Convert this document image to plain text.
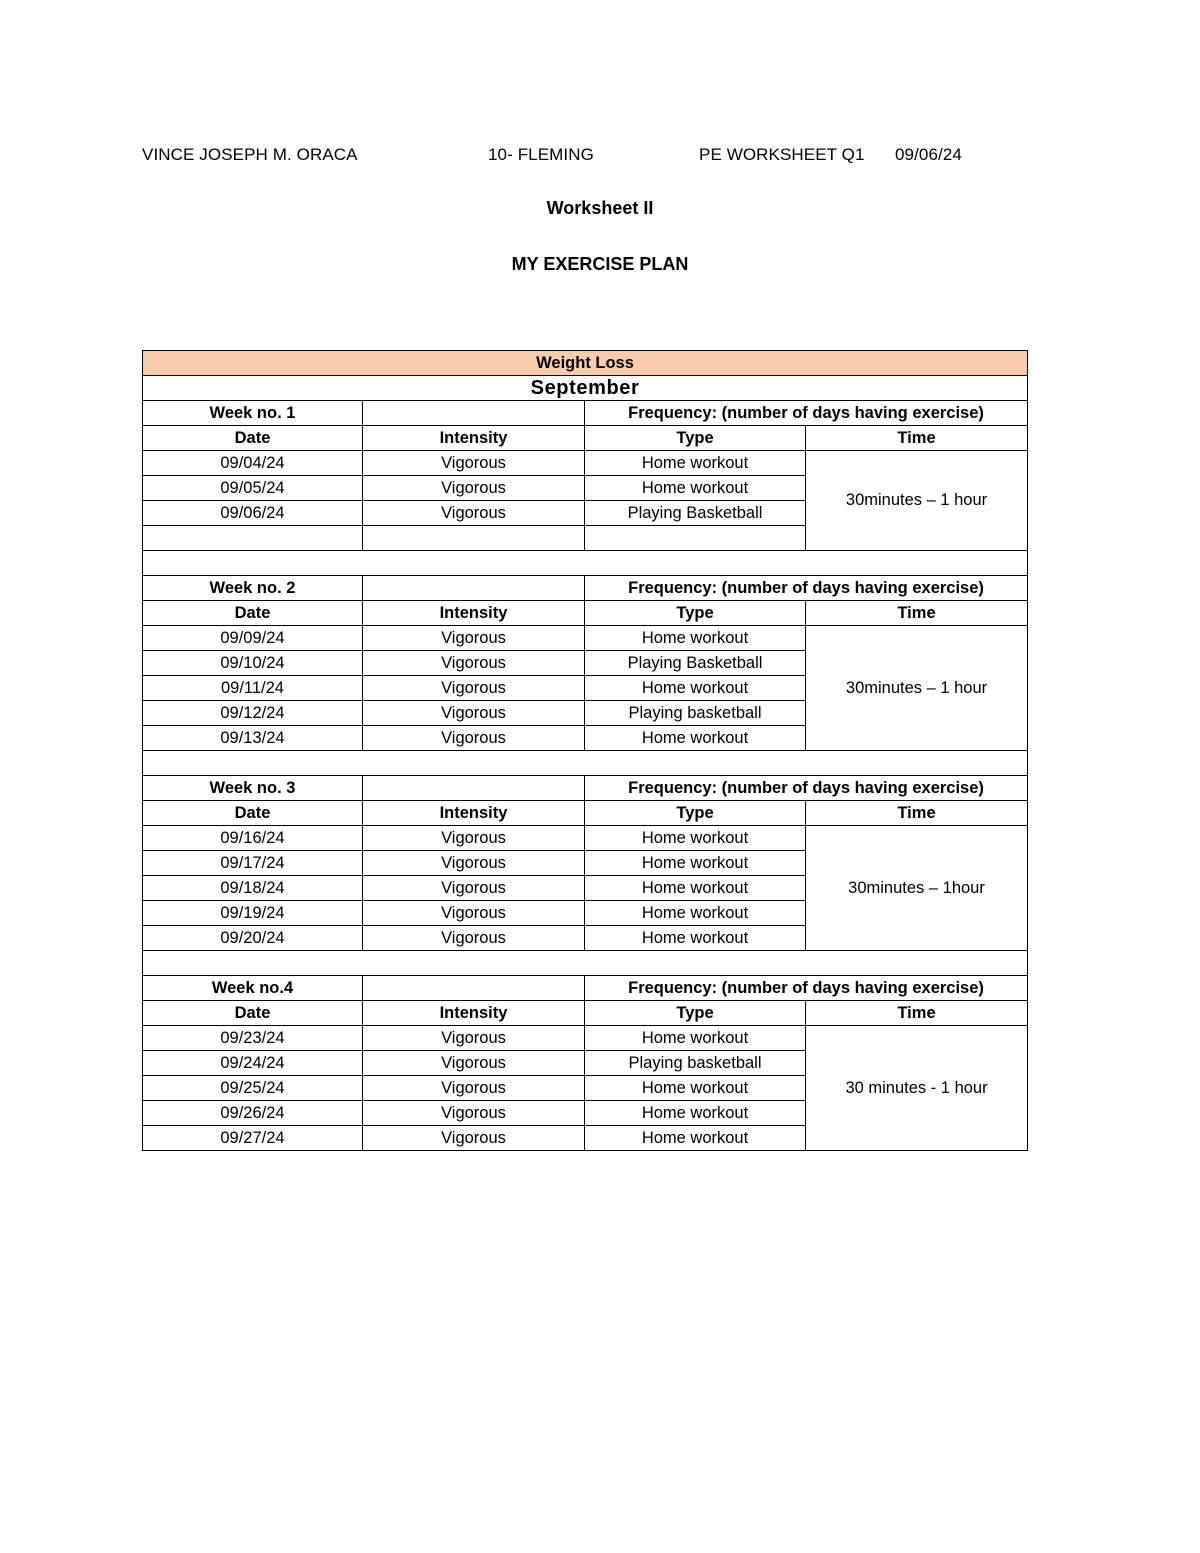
VINCE JOSEPH M. ORACA	10- FLEMING	PE WORKSHEET Q1 09/06/24
Worksheet II
MY EXERCISE PLAN
Weight Loss			
September			
Week no. 1		Frequency: (number of days having exercise)	
Date	Intensity	Type	Time
09/04/24	Vigorous	Home workout	30minutes – 1 hour
09/05/24	Vigorous	Home workout	
09/06/24	Vigorous	Playing Basketball	

Week no. 2		Frequency: (number of days having exercise)	
Date	Intensity	Type	Time
09/09/24	Vigorous	Home workout	30minutes – 1 hour
09/10/24	Vigorous	Playing Basketball	
09/11/24	Vigorous	Home workout	
09/12/24	Vigorous	Playing basketball	
09/13/24	Vigorous	Home workout	

Week no. 3		Frequency: (number of days having exercise)	
Date	Intensity	Type	Time
09/16/24	Vigorous	Home workout	30minutes – 1hour
09/17/24	Vigorous	Home workout	
09/18/24	Vigorous	Home workout	
09/19/24	Vigorous	Home workout	
09/20/24	Vigorous	Home workout	

Week no.4		Frequency: (number of days having exercise)	
Date	Intensity	Type	Time
09/23/24	Vigorous	Home workout	30 minutes - 1 hour
09/24/24	Vigorous	Playing basketball	
09/25/24	Vigorous	Home workout	
09/26/24	Vigorous	Home workout	
09/27/24	Vigorous	Home workout	
